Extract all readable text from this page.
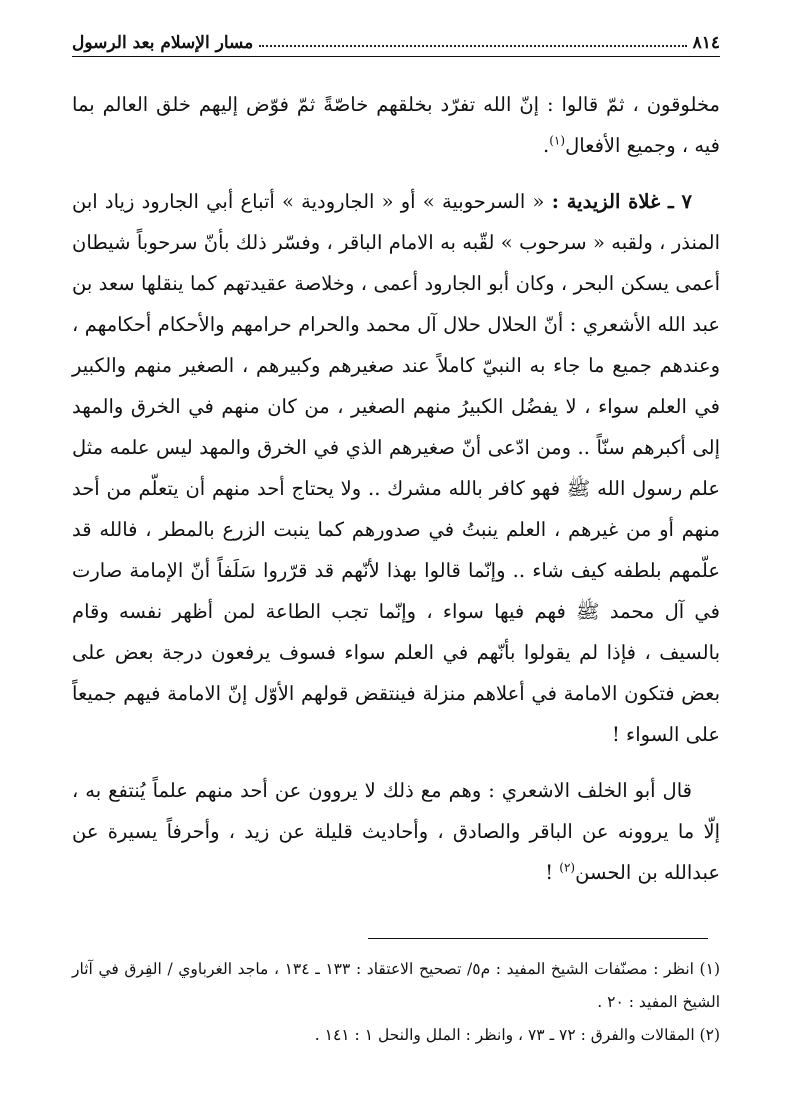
٨١٤
مسار الإسلام بعد الرسول

مخلوقون ، ثمّ قالوا : إنّ الله تفرّد بخلقهم خاصّةً ثمّ فوّض إليهم خلق العالم بما فيه ، وجميع الأفعال$^{(١)}$.

٧ ـ غلاة الزيدية : « السرحوبية » أو « الجارودية » أتباع أبي الجارود زياد ابن المنذر ، ولقبه « سرحوب » لقّبه به الامام الباقر ، وفسّر ذلك بأنّ سرحوباً شيطان أعمى يسكن البحر ، وكان أبو الجارود أعمى ، وخلاصة عقيدتهم كما ينقلها سعد بن عبد الله الأشعري : أنّ الحلال حلال آل محمد والحرام حرامهم والأحكام أحكامهم ، وعندهم جميع ما جاء به النبيّ كاملاً عند صغيرهم وكبيرهم ، الصغير منهم والكبير في العلم سواء ، لا يفضُل الكبيرُ منهم الصغير ، من كان منهم في الخرق والمهد إلى أكبرهم سنّاً .. ومن ادّعى أنّ صغيرهم الذي في الخرق والمهد ليس علمه مثل علم رسول الله ﷺ فهو كافر بالله مشرك .. ولا يحتاج أحد منهم أن يتعلّم من أحد منهم أو من غيرهم ، العلم ينبتُ في صدورهم كما ينبت الزرع بالمطر ، فالله قد علّمهم بلطفه كيف شاء .. وإنّما قالوا بهذا لأنّهم قد قرّروا سَلَفاً أنّ الإمامة صارت في آل محمد ﷺ فهم فيها سواء ، وإنّما تجب الطاعة لمن أظهر نفسه وقام بالسيف ، فإذا لم يقولوا بأنّهم في العلم سواء فسوف يرفعون درجة بعض على بعض فتكون الامامة في أعلاهم منزلة فينتقض قولهم الأوّل إنّ الامامة فيهم جميعاً على السواء !

قال أبو الخلف الاشعري : وهم مع ذلك لا يروون عن أحد منهم علماً يُنتفع به ، إلّا ما يروونه عن الباقر والصادق ، وأحاديث قليلة عن زيد ، وأحرفاً يسيرة عن عبدالله بن الحسن$^{(٢)}$ !

(١) انظر : مصنّفات الشيخ المفيد : م٥/ تصحيح الاعتقاد : ١٣٣ ـ ١٣٤ ، ماجد الغرباوي / الفِرق في آثار الشيخ المفيد : ٢٠ .

(٢) المقالات والفرق : ٧٢ ـ ٧٣ ، وانظر : الملل والنحل ١ : ١٤١ .
